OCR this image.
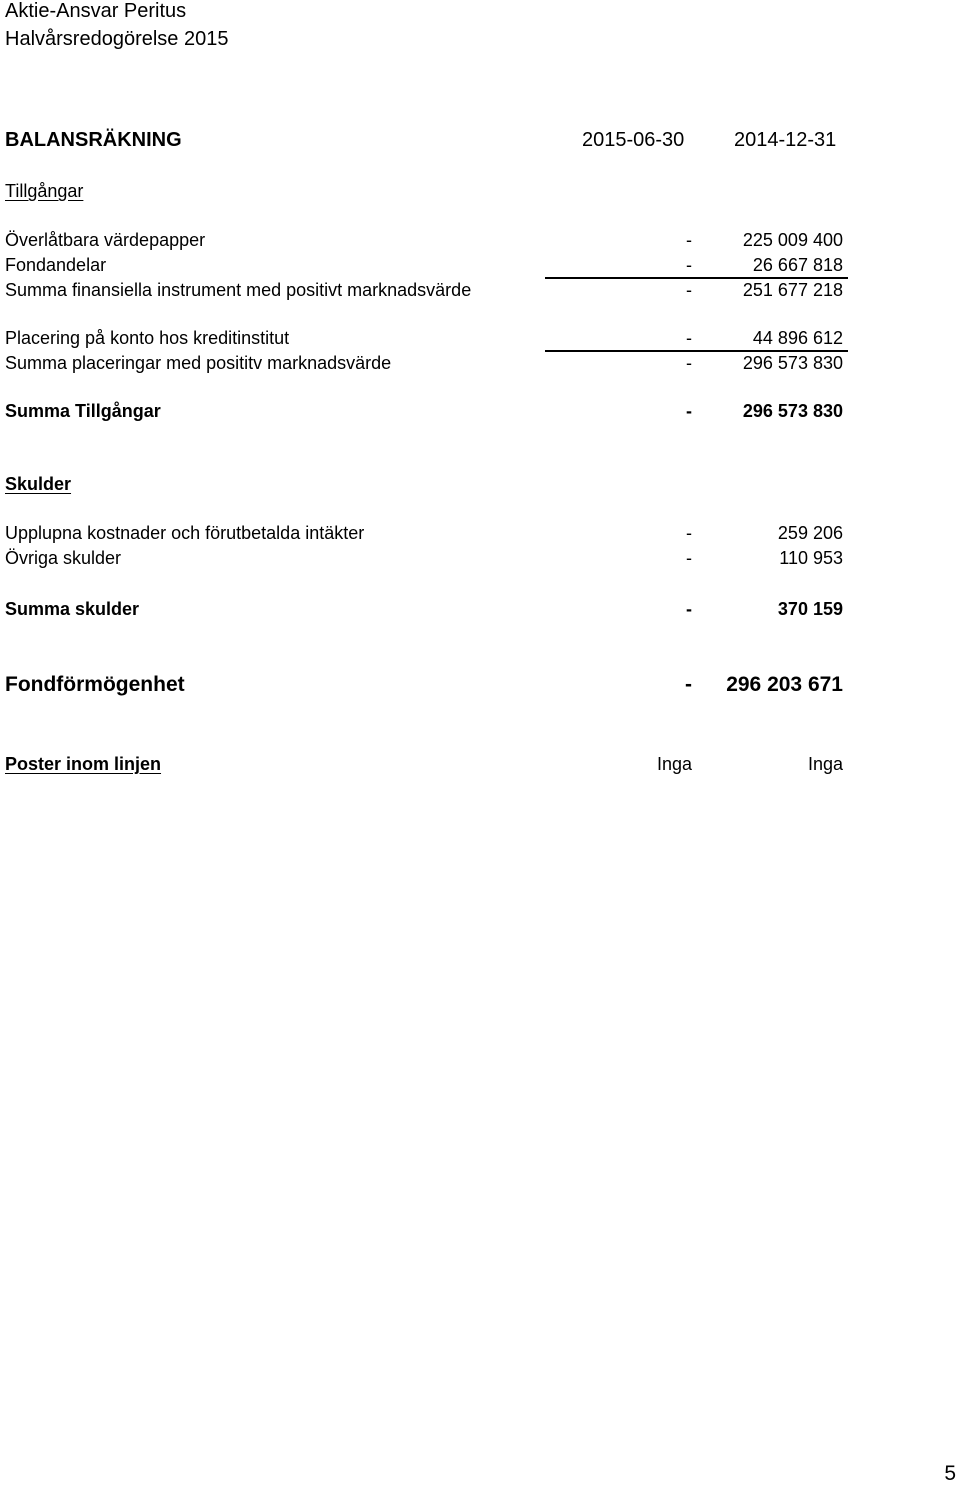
Aktie-Ansvar Peritus
Halvårsredogörelse 2015
BALANSRÄKNING	2015-06-30 2014-12-31
Tillgångar
Överlåtbara värdepapper	-	225 009 400
Fondandelar	-	26 667 818
Summa finansiella instrument med positivt marknadsvärde	-	251 677 218
Placering på konto hos kreditinstitut	-	44 896 612
Summa placeringar med posititv marknadsvärde	-	296 573 830
Summa Tillgångar	-	296 573 830
Skulder
Upplupna kostnader och förutbetalda intäkter	-	259 206
Övriga skulder	-	110 953
Summa skulder	-	370 159
Fondförmögenhet	-	296 203 671
Poster inom linjen	Inga	Inga
5
